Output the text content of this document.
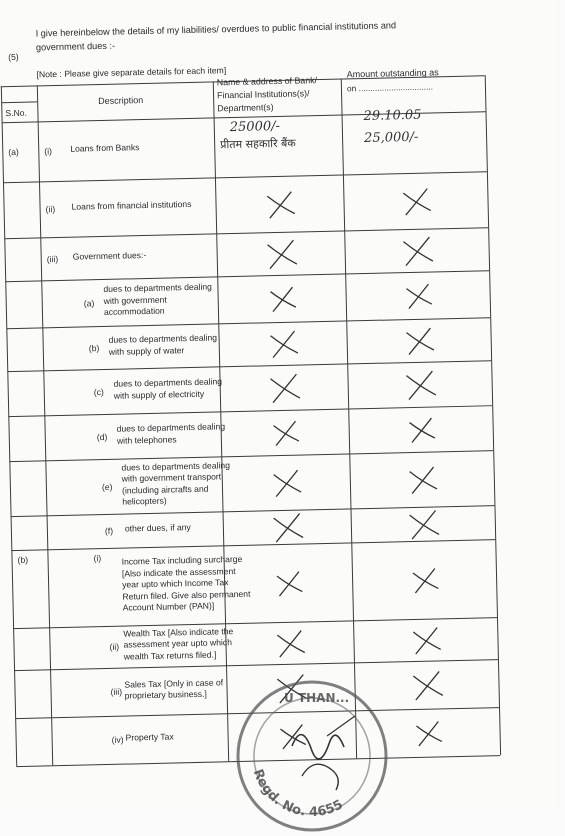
(5)
I give hereinbelow the details of my liabilities/ overdues to public financial institutions and
government dues :-
[Note : Please give separate details for each item]
S.No.
Description
Name & address of Bank/
Financial Institutions(s)/
Department(s)
Amount outstanding as
on ................................
25000/-
प्रीतम सहकारि बैंक
29.10.05
25,000/-
(a)	(i) Loans from Banks
(ii) Loans from financial institutions
(iii) Government dues:-
(a)
dues to departments dealing
with government
accommodation
(b)
dues to departments dealing
with supply of water
(c)
dues to departments dealing
with supply of electricity
(d)
dues to departments dealing
with telephones
(e)
dues to departments dealing
with government transport
(including aircrafts and
helicopters)
(f) other dues, if any
(b)	(i) Income Tax including surcharge
[Also indicate the assessment
year upto which Income Tax
Return filed. Give also permanent
Account Number (PAN)]
(ii)
Wealth Tax [Also indicate the
assessment year upto which
wealth Tax returns filed.]
(iii)
Sales Tax [Only in case of
proprietary business.]
(iv) Property Tax
Regd. No. 4655
U THAN...
